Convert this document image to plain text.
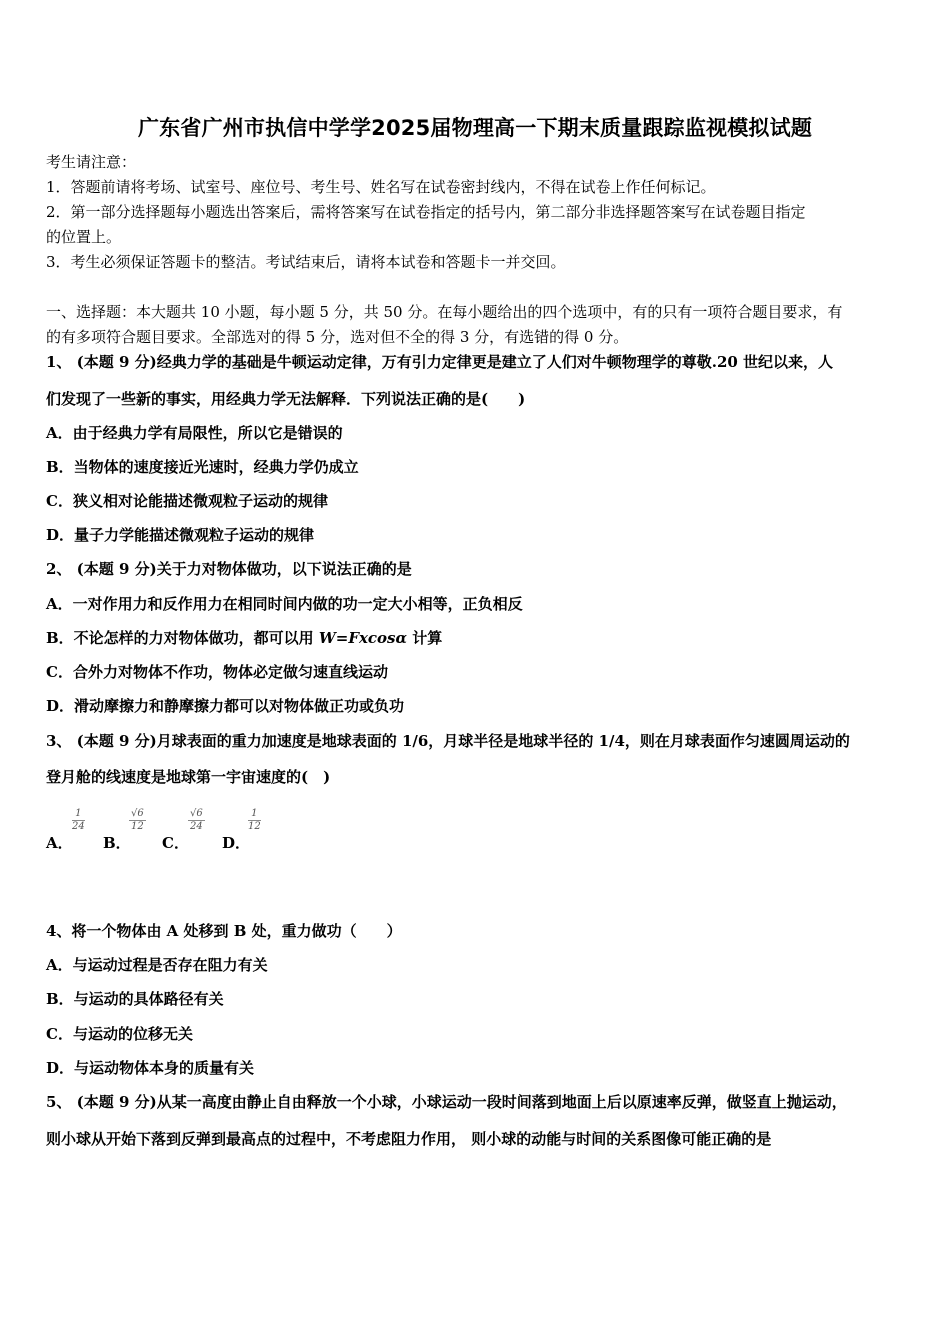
广东省广州市执信中学学2025届物理高一下期末质量跟踪监视模拟试题
考生请注意：
1．答题前请将考场、试室号、座位号、考生号、姓名写在试卷密封线内，不得在试卷上作任何标记。
2．第一部分选择题每小题选出答案后，需将答案写在试卷指定的括号内，第二部分非选择题答案写在试卷题目指定
的位置上。
3．考生必须保证答题卡的整洁。考试结束后，请将本试卷和答题卡一并交回。
一、选择题：本大题共 10 小题，每小题 5 分，共 50 分。在每小题给出的四个选项中，有的只有一项符合题目要求，有
的有多项符合题目要求。全部选对的得 5 分，选对但不全的得 3 分，有选错的得 0 分。
1、 (本题 9 分)经典力学的基础是牛顿运动定律，万有引力定律更是建立了人们对牛顿物理学的尊敬.20 世纪以来，人
们发现了一些新的事实，用经典力学无法解释．下列说法正确的是(　　)
A．由于经典力学有局限性，所以它是错误的
B．当物体的速度接近光速时，经典力学仍成立
C．狭义相对论能描述微观粒子运动的规律
D．量子力学能描述微观粒子运动的规律
2、 (本题 9 分)关于力对物体做功，以下说法正确的是
A．一对作用力和反作用力在相同时间内做的功一定大小相等，正负相反
B．不论怎样的力对物体做功，都可以用 W=Fxcosα 计算
C．合外力对物体不作功，物体必定做匀速直线运动
D．滑动摩擦力和静摩擦力都可以对物体做正功或负功
3、 (本题 9 分)月球表面的重力加速度是地球表面的 1/6，月球半径是地球半径的 1/4，则在月球表面作匀速圆周运动的
登月舱的线速度是地球第一宇宙速度的(　)
A．
$\frac{1}{24}$
B．
$\frac{√6}{12}$
C．
$\frac{√6}{24}$
D．
$\frac{1}{12}$
4、将一个物体由 A 处移到 B 处，重力做功（　　）
A．与运动过程是否存在阻力有关
B．与运动的具体路径有关
C．与运动的位移无关
D．与运动物体本身的质量有关
5、 (本题 9 分)从某一高度由静止自由释放一个小球，小球运动一段时间落到地面上后以原速率反弹，做竖直上抛运动，
则小球从开始下落到反弹到最高点的过程中，不考虑阻力作用， 则小球的动能与时间的关系图像可能正确的是
